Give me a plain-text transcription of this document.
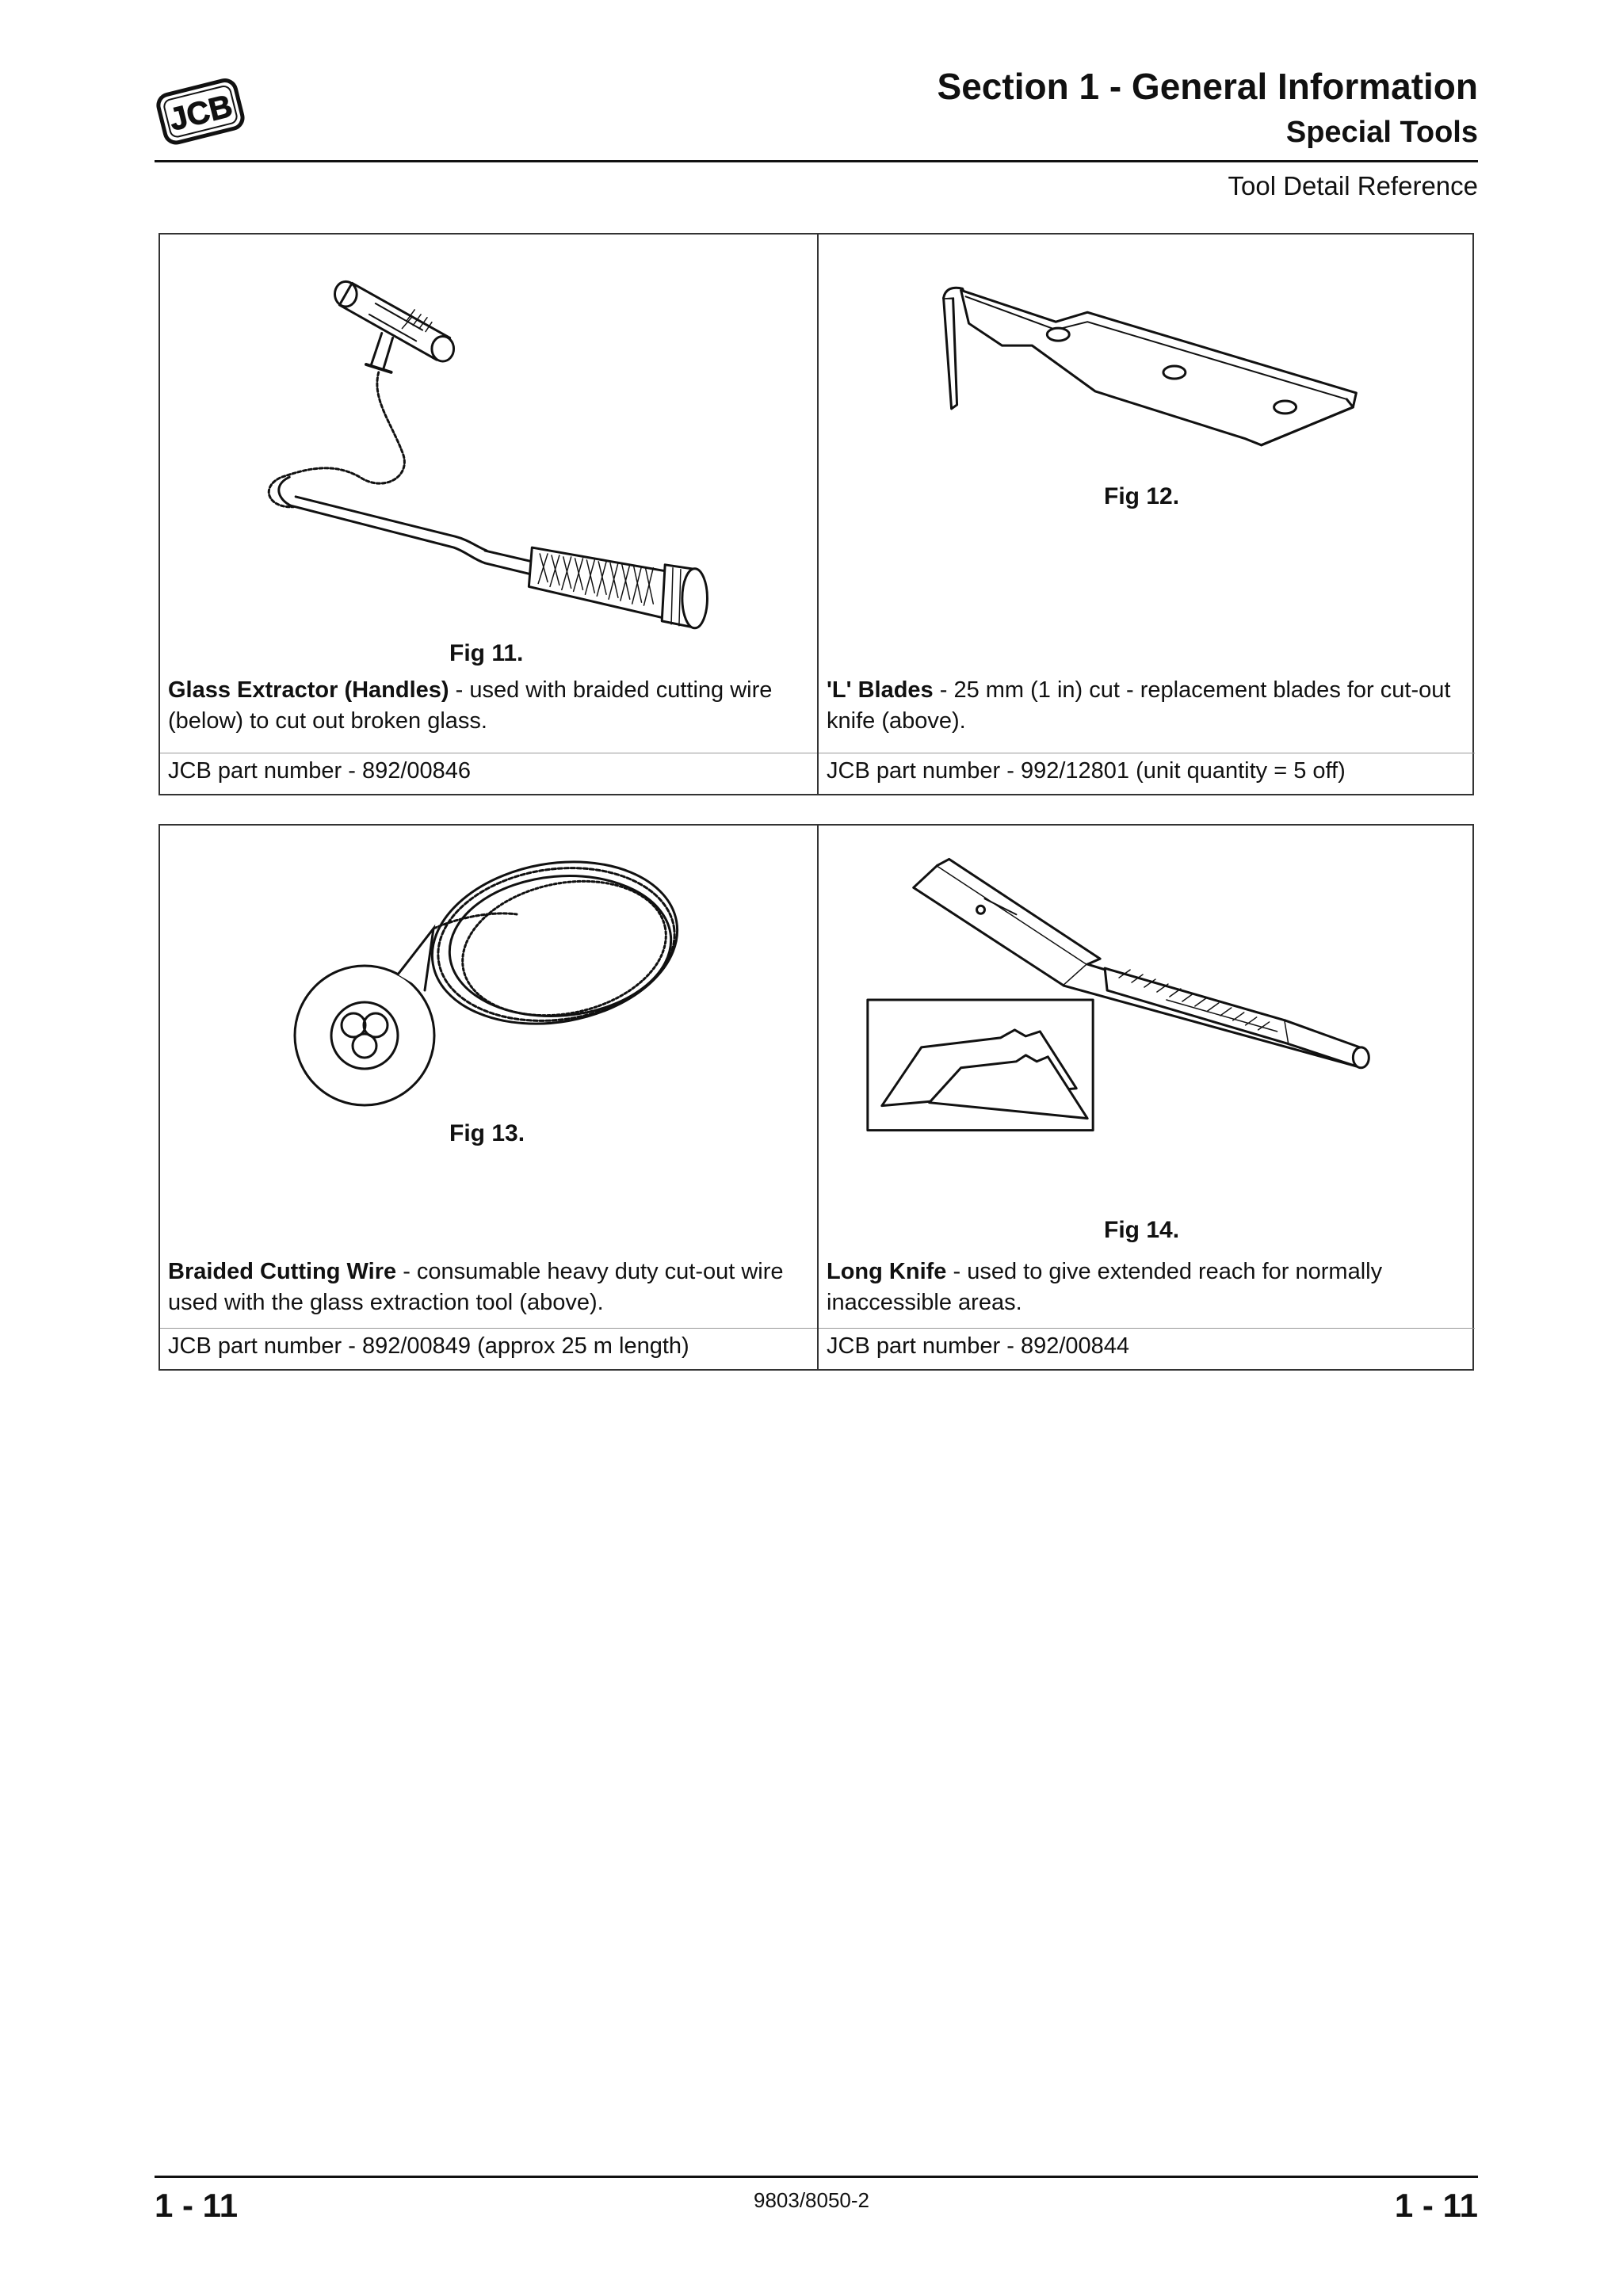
JCB
Section 1 - General Information
Special Tools
Tool Detail Reference
Fig 11.
Glass Extractor (Handles) - used with braided cutting wire (below) to cut out broken glass.
JCB part number - 892/00846
Fig 12.
'L' Blades - 25 mm (1 in) cut - replacement blades for cut-out knife (above).
JCB part number - 992/12801 (unit quantity = 5 off)
Fig 13.
Braided Cutting Wire - consumable heavy duty cut-out wire used with the glass extraction tool (above).
JCB part number - 892/00849 (approx 25 m length)
Fig 14.
Long Knife - used to give extended reach for normally inaccessible areas.
JCB part number - 892/00844
1 - 11	9803/8050-2	1 - 11
